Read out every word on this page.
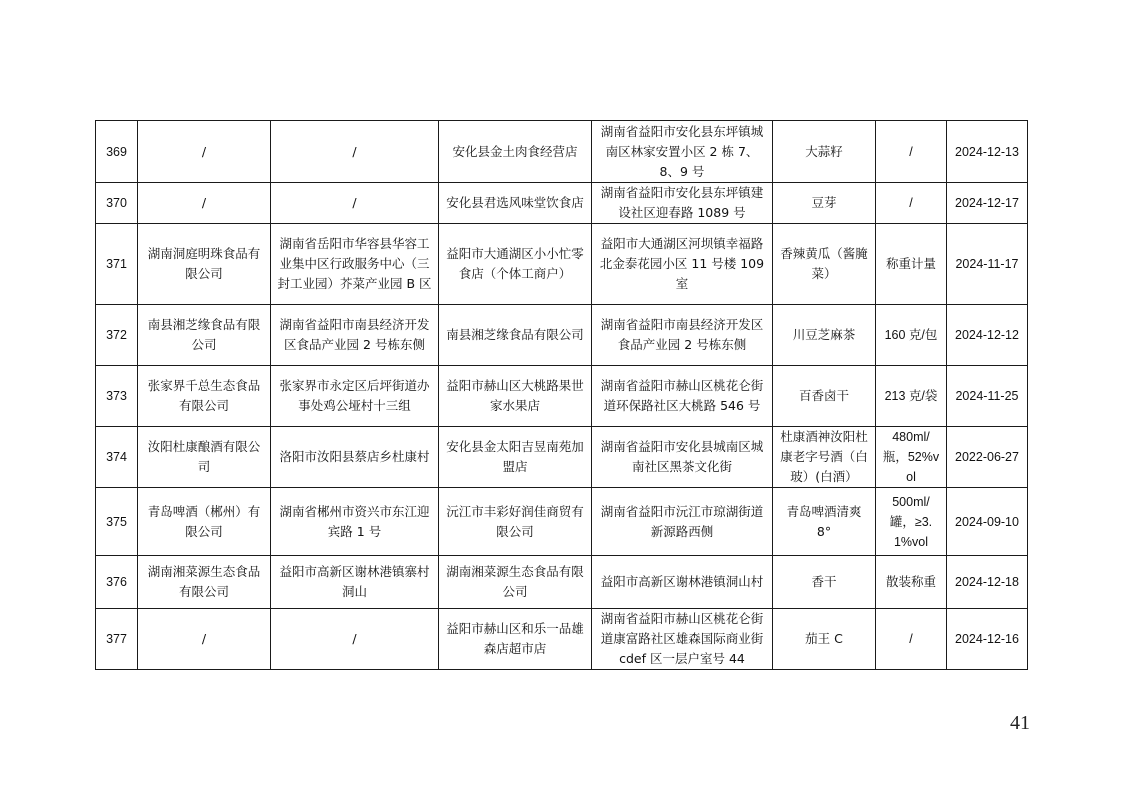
369	/	/	安化县金土肉食经营店	湖南省益阳市安化县东坪镇城南区林家安置小区 2 栋 7、8、9 号	大蒜籽	/	2024-12-13
370	/	/	安化县君选风味堂饮食店	湖南省益阳市安化县东坪镇建设社区迎春路 1089 号	豆芽	/	2024-12-17
371	湖南洞庭明珠食品有限公司	湖南省岳阳市华容县华容工业集中区行政服务中心（三封工业园）芥菜产业园 B 区	益阳市大通湖区小小忙零食店（个体工商户）	益阳市大通湖区河坝镇幸福路北金泰花园小区 11 号楼 109 室	香辣黄瓜（酱腌菜）	称重计量	2024-11-17
372	南县湘芝缘食品有限公司	湖南省益阳市南县经济开发区食品产业园 2 号栋东侧	南县湘芝缘食品有限公司	湖南省益阳市南县经济开发区食品产业园 2 号栋东侧	川豆芝麻茶	160 克/包	2024-12-12
373	张家界千总生态食品有限公司	张家界市永定区后坪街道办事处鸡公垭村十三组	益阳市赫山区大桃路果世家水果店	湖南省益阳市赫山区桃花仑街道环保路社区大桃路 546 号	百香卤干	213 克/袋	2024-11-25
374	汝阳杜康酿酒有限公司	洛阳市汝阳县蔡店乡杜康村	安化县金太阳吉昱南苑加盟店	湖南省益阳市安化县城南区城南社区黑茶文化街	杜康酒神汝阳杜康老字号酒（白玻）(白酒）	480ml/瓶，52%vol	2022-06-27
375	青岛啤酒（郴州）有限公司	湖南省郴州市资兴市东江迎宾路 1 号	沅江市丰彩好润佳商贸有限公司	湖南省益阳市沅江市琼湖街道新源路西侧	青岛啤酒清爽 8°	500ml/罐，≥3.1%vol	2024-09-10
376	湖南湘菜源生态食品有限公司	益阳市高新区谢林港镇寨村洞山	湖南湘菜源生态食品有限公司	益阳市高新区谢林港镇洞山村	香干	散装称重	2024-12-18
377	/	/	益阳市赫山区和乐一品雄森店超市店	湖南省益阳市赫山区桃花仑街道康富路社区雄森国际商业街 cdef 区一层户室号 44	茄王 C	/	2024-12-16
41
